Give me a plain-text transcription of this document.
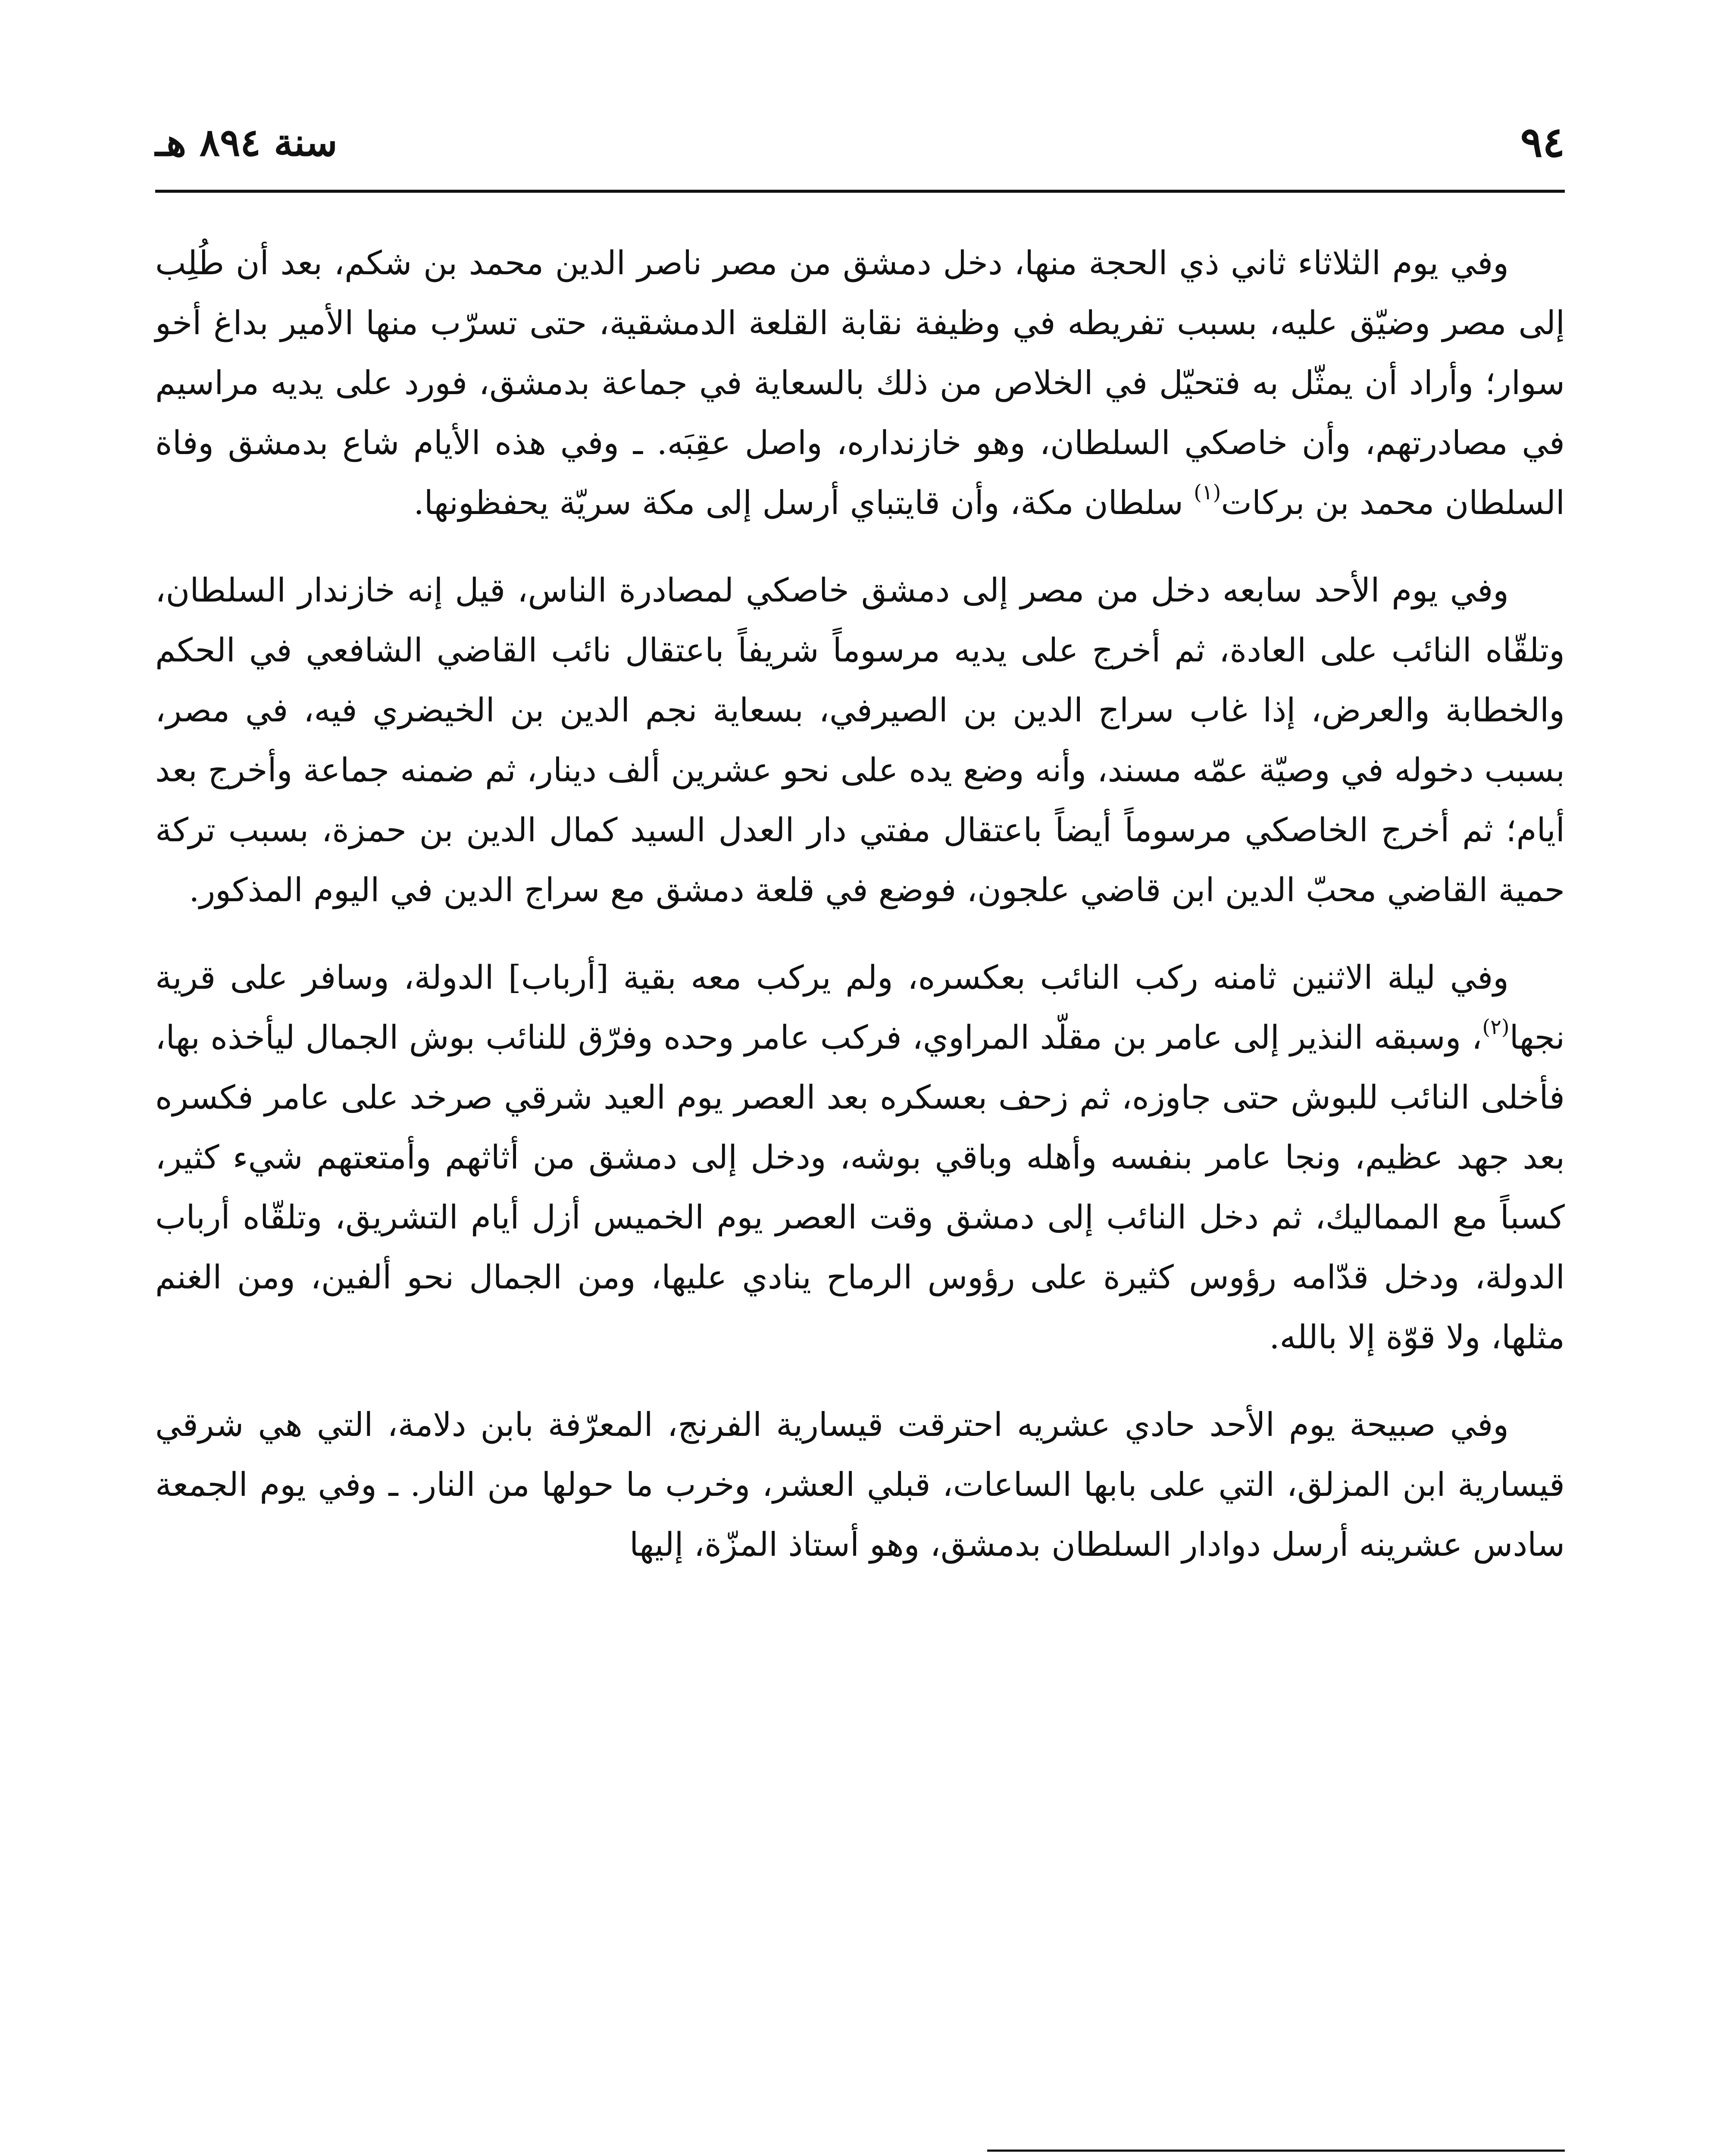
٩٤
سنة ٨٩٤ هـ

وفي يوم الثلاثاء ثاني ذي الحجة منها، دخل دمشق من مصر ناصر الدين محمد بن شكم، بعد أن طُلِب إلى مصر وضيّق عليه، بسبب تفريطه في وظيفة نقابة القلعة الدمشقية، حتى تسرّب منها الأمير بداغ أخو سوار؛ وأراد أن يمثّل به فتحيّل في الخلاص من ذلك بالسعاية في جماعة بدمشق، فورد على يديه مراسيم في مصادرتهم، وأن خاصكي السلطان، وهو خازنداره، واصل عقِبَه. ـ وفي هذه الأيام شاع بدمشق وفاة السلطان محمد بن بركات$^{(١)}$ سلطان مكة، وأن قايتباي أرسل إلى مكة سريّة يحفظونها.

وفي يوم الأحد سابعه دخل من مصر إلى دمشق خاصكي لمصادرة الناس، قيل إنه خازندار السلطان، وتلقّاه النائب على العادة، ثم أخرج على يديه مرسوماً شريفاً باعتقال نائب القاضي الشافعي في الحكم والخطابة والعرض، إذا غاب سراج الدين بن الصيرفي، بسعاية نجم الدين بن الخيضري فيه، في مصر، بسبب دخوله في وصيّة عمّه مسند، وأنه وضع يده على نحو عشرين ألف دينار، ثم ضمنه جماعة وأخرج بعد أيام؛ ثم أخرج الخاصكي مرسوماً أيضاً باعتقال مفتي دار العدل السيد كمال الدين بن حمزة، بسبب تركة حمية القاضي محبّ الدين ابن قاضي علجون، فوضع في قلعة دمشق مع سراج الدين في اليوم المذكور.

وفي ليلة الاثنين ثامنه ركب النائب بعكسره، ولم يركب معه بقية [أرباب] الدولة، وسافر على قرية نجها$^{(٢)}$، وسبقه النذير إلى عامر بن مقلّد المراوي، فركب عامر وحده وفرّق للنائب بوش الجمال ليأخذه بها، فأخلى النائب للبوش حتى جاوزه، ثم زحف بعسكره بعد العصر يوم العيد شرقي صرخد على عامر فكسره بعد جهد عظيم، ونجا عامر بنفسه وأهله وباقي بوشه، ودخل إلى دمشق من أثاثهم وأمتعتهم شيء كثير، كسباً مع المماليك، ثم دخل النائب إلى دمشق وقت العصر يوم الخميس أزل أيام التشريق، وتلقّاه أرباب الدولة، ودخل قدّامه رؤوس كثيرة على رؤوس الرماح ينادي عليها، ومن الجمال نحو ألفين، ومن الغنم مثلها، ولا قوّة إلا بالله.

وفي صبيحة يوم الأحد حادي عشريه احترقت قيسارية الفرنج، المعرّفة بابن دلامة، التي هي شرقي قيسارية ابن المزلق، التي على بابها الساعات، قبلي العشر، وخرب ما حولها من النار. ـ وفي يوم الجمعة سادس عشرينه أرسل دوادار السلطان بدمشق، وهو أستاذ المزّة، إليها
